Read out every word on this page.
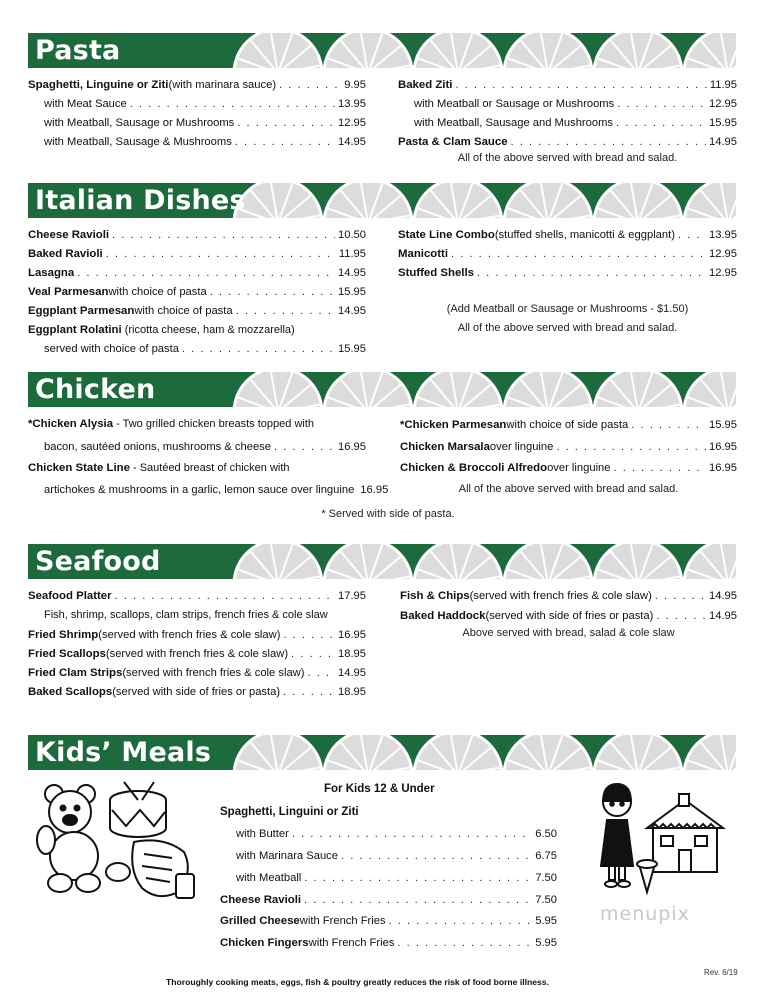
Pasta
Italian Dishes
Chicken
Seafood
Kids’ Meals
Spaghetti, Linguine or Ziti (with marinara sauce) . . .	9.95
with Meat Sauce . . .	13.95
with Meatball, Sausage or Mushrooms . . .	12.95
with Meatball, Sausage & Mushrooms . . .	14.95
Baked Ziti . . .	11.95
with Meatball or Sausage or Mushrooms . . .	12.95
with Meatball, Sausage and Mushrooms . . .	15.95
Pasta & Clam Sauce . . .	14.95
All of the above served with bread and salad.
Cheese Ravioli . . .	10.50
Baked Ravioli . . .	11.95
Lasagna . . .	14.95
Veal Parmesan with choice of pasta . . .	15.95
Eggplant Parmesan with choice of pasta . . .	14.95
Eggplant Rolatini (ricotta cheese, ham & mozzarella)
served with choice of pasta . . .	15.95
State Line Combo (stuffed shells, manicotti & eggplant) . . .	13.95
Manicotti . . .	12.95
Stuffed Shells . . .	12.95
(Add Meatball or Sausage or Mushrooms - $1.50)
All of the above served with bread and salad.
*Chicken Alysia - Two grilled chicken breasts topped with
bacon, sautéed onions, mushrooms & cheese . . .	16.95
Chicken State Line - Sautéed breast of chicken with
artichokes & mushrooms in a garlic, lemon sauce over linguine 16.95
*Chicken Parmesan with choice of side pasta . . .	15.95
Chicken Marsala over linguine . . .	16.95
Chicken & Broccoli Alfredo over linguine . . .	16.95
All of the above served with bread and salad.
* Served with side of pasta.
Seafood Platter . . .	17.95
Fish, shrimp, scallops, clam strips, french fries & cole slaw
Fried Shrimp (served with french fries & cole slaw) . . .	16.95
Fried Scallops (served with french fries & cole slaw) . . .	18.95
Fried Clam Strips (served with french fries & cole slaw) . . .	14.95
Baked Scallops (served with side of fries or pasta) . . .	18.95
Fish & Chips (served with french fries & cole slaw) . . .	14.95
Baked Haddock (served with side of fries or pasta) . . .	14.95
Above served with bread, salad & cole slaw
For Kids 12 & Under
Spaghetti, Linguini or Ziti
with Butter . . .	6.50
with Marinara Sauce . . .	6.75
with Meatball . . .	7.50
Cheese Ravioli . . .	7.50
Grilled Cheese with French Fries . . .	5.95
Chicken Fingers with French Fries . . .	5.95
menupix
Rev. 6/19
Thoroughly cooking meats, eggs, fish & poultry greatly reduces the risk of food borne illness.
